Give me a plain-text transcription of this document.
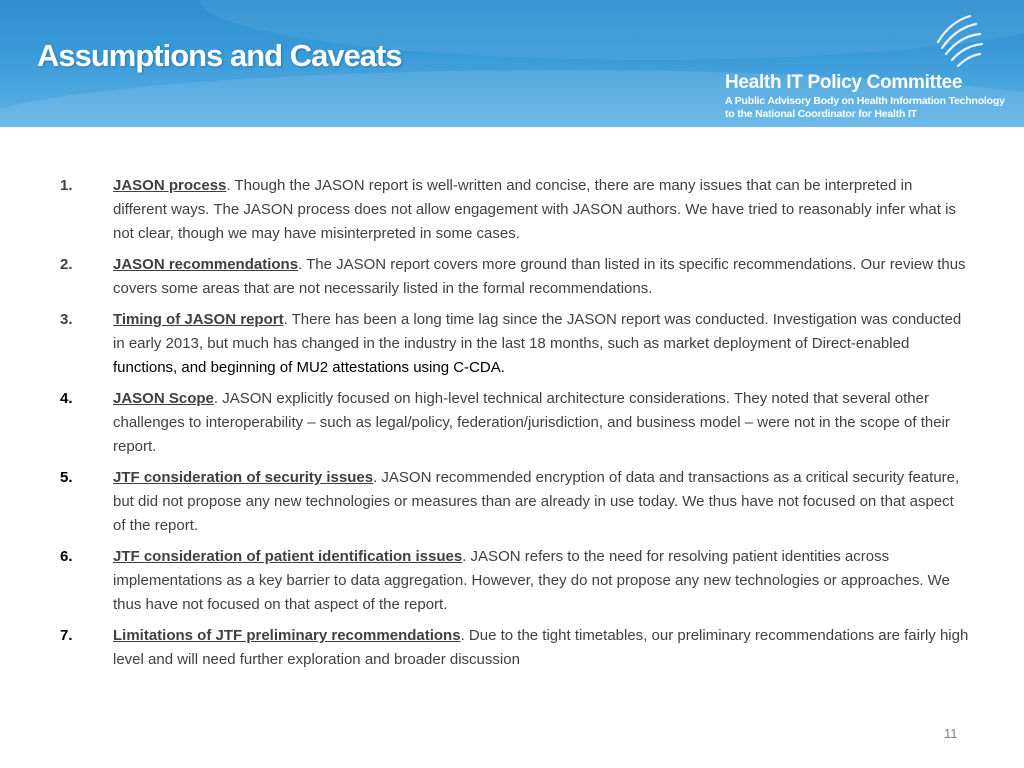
Assumptions and Caveats
Health IT Policy Committee
A Public Advisory Body on Health Information Technology
to the National Coordinator for Health IT
1.	JASON process. Though the JASON report is well-written and concise, there are many issues that can be interpreted in different ways. The JASON process does not allow engagement with JASON authors. We have tried to reasonably infer what is not clear, though we may have misinterpreted in some cases.
2.	JASON recommendations. The JASON report covers more ground than listed in its specific recommendations. Our review thus covers some areas that are not necessarily listed in the formal recommendations.
3.	Timing of JASON report. There has been a long time lag since the JASON report was conducted. Investigation was conducted in early 2013, but much has changed in the industry in the last 18 months, such as market deployment of Direct-enabled functions, and beginning of MU2 attestations using C-CDA.
4.	JASON Scope. JASON explicitly focused on high-level technical architecture considerations. They noted that several other challenges to interoperability – such as legal/policy, federation/jurisdiction, and business model – were not in the scope of their report.
5.	JTF consideration of security issues. JASON recommended encryption of data and transactions as a critical security feature, but did not propose any new technologies or measures than are already in use today. We thus have not focused on that aspect of the report.
6.	JTF consideration of patient identification issues. JASON refers to the need for resolving patient identities across implementations as a key barrier to data aggregation. However, they do not propose any new technologies or approaches. We thus have not focused on that aspect of the report.
7.	Limitations of JTF preliminary recommendations. Due to the tight timetables, our preliminary recommendations are fairly high level and will need further exploration and broader discussion
11
